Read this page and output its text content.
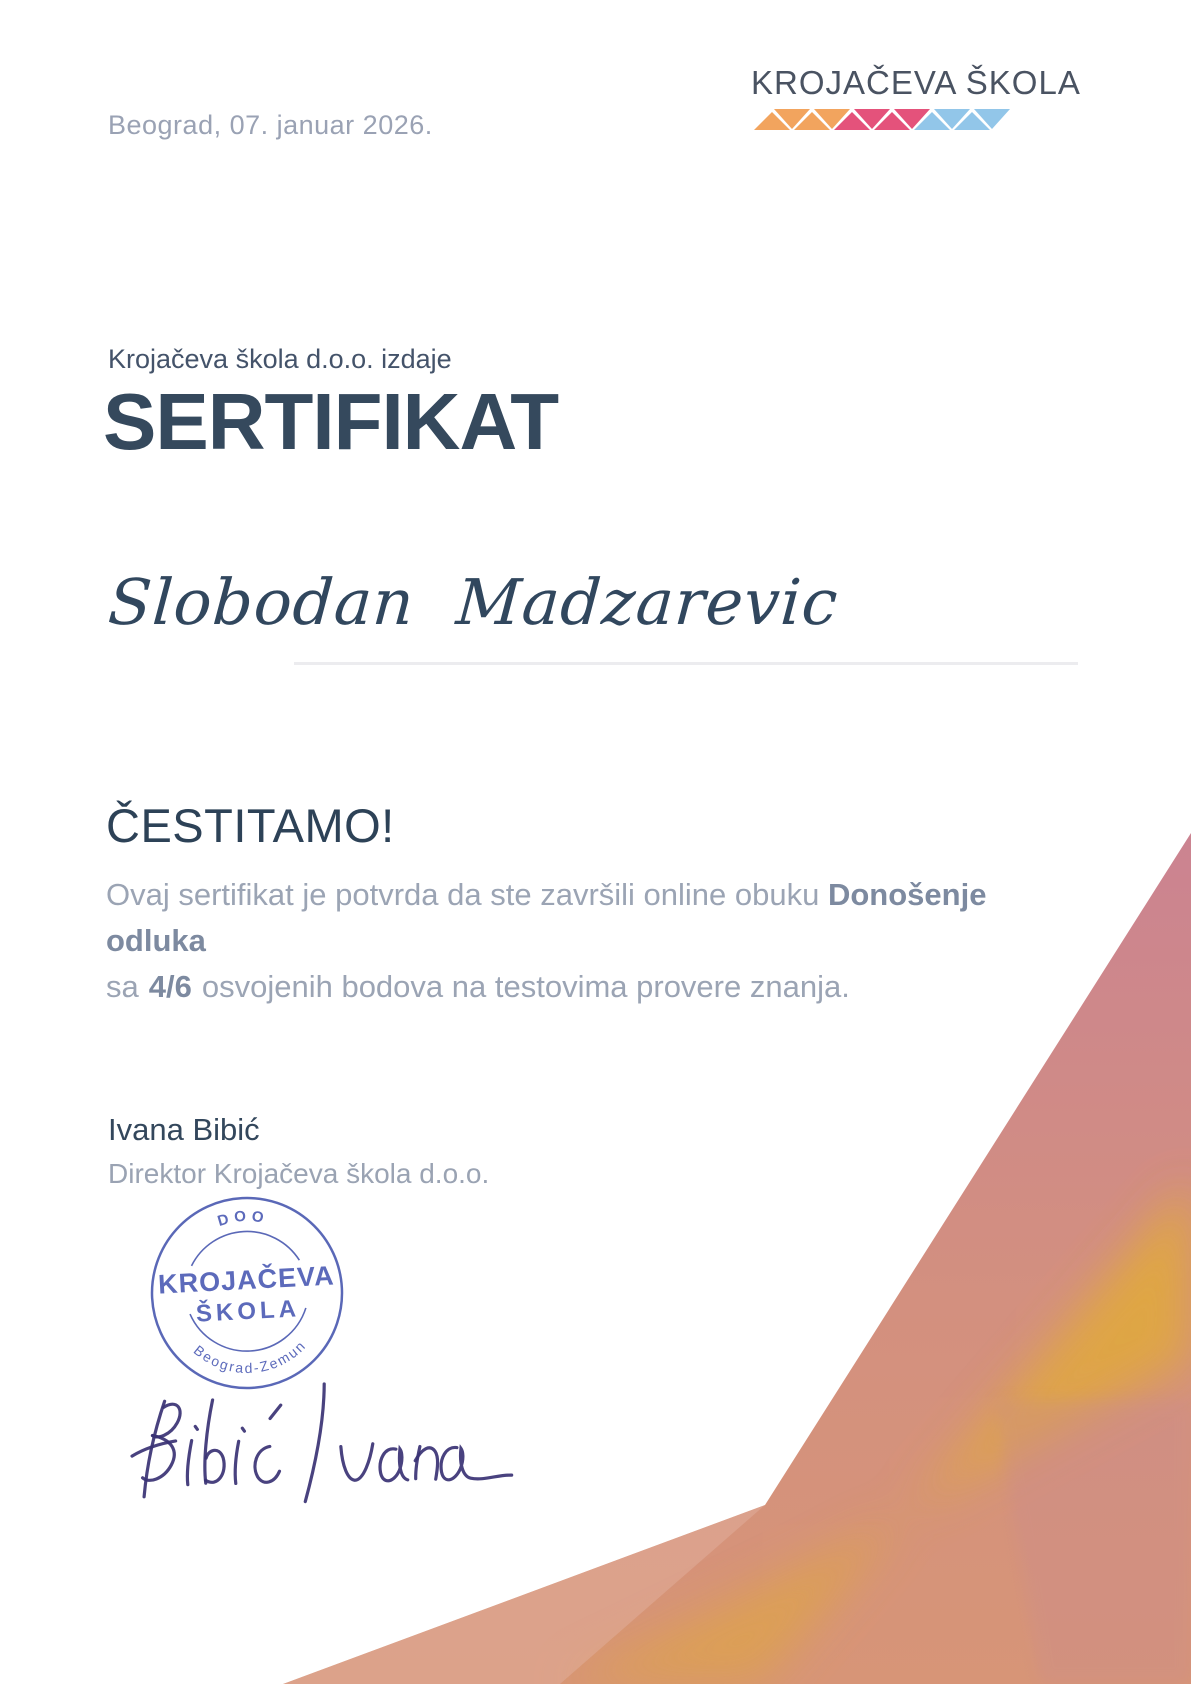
Beograd, 07. januar 2026.
KROJAČEVA ŠKOLA
Krojačeva škola d.o.o. izdaje
SERTIFIKAT
Slobodan  Madzarevic
ČESTITAMO!

Ovaj sertifikat je potvrda da ste završili online obuku Donošenje odluka
sa 4/6 osvojenih bodova na testovima provere znanja.

Ivana Bibić
Direktor Krojačeva škola d.o.o.
DOO
KROJAČEVA
ŠKOLA
Beograd-Zemun
